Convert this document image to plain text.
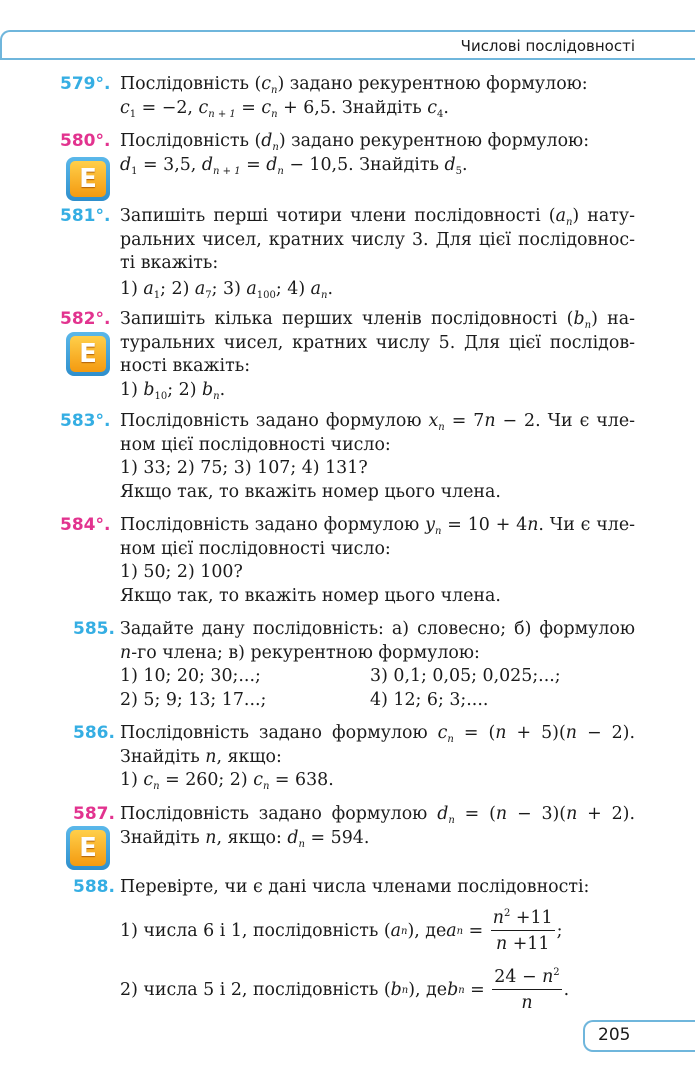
Числові послідовності
579°. Послідовність $(c_n)$ задано рекурентною формулою:
$c_1 = -2$, $c_{n + 1} = c_n + 6,5$. Знайдіть $c_4$.
580°. Послідовність $(d_n)$ задано рекурентною формулою:
$d_1 = 3,5$, $d_{n + 1} = d_n - 10,5$. Знайдіть $d_5$.
E
581°. Запишіть перші чотири члени послідовності $(a_n)$ нату-
ральних чисел, кратних числу 3. Для цієї послідовнос-
ті вкажіть:
1) $a_1$; 2) $a_7$; 3) $a_{100}$; 4) $a_n$.
582°. Запишіть кілька перших членів послідовності $(b_n)$ на-
туральних чисел, кратних числу 5. Для цієї послідов-
ності вкажіть:
1) $b_{10}$; 2) $b_n$.
E
583°. Послідовність задано формулою $x_n = 7n - 2$. Чи є чле-
ном цієї послідовності число:
1) 33; 2) 75; 3) 107; 4) 131?
Якщо так, то вкажіть номер цього члена.
584°. Послідовність задано формулою $y_n = 10 + 4n$. Чи є чле-
ном цієї послідовності число:
1) 50; 2) 100?
Якщо так, то вкажіть номер цього члена.
585. Задайте дану послідовність: а) словесно; б) формулою
n-го члена; в) рекурентною формулою:
1) 10; 20; 30;...;	3) 0,1; 0,05; 0,025;...;
2) 5; 9; 13; 17...;	4) 12; 6; 3;....
586. Послідовність задано формулою $c_n = (n + 5)(n - 2)$.
Знайдіть n, якщо:
1) $c_n = 260$; 2) $c_n = 638$.
587. Послідовність задано формулою $d_n = (n - 3)(n + 2)$.
Знайдіть n, якщо: $d_n = 594$.
E
588. Перевірте, чи є дані числа членами послідовності:
1) числа 6 і 1, послідовність ( a n ), де a $n = \frac{n^2 +11}{n +11}$ ;
2) числа 5 і 2, послідовність ( b n ), де b $n = \frac{24 - n^2}{n}$ .
205
